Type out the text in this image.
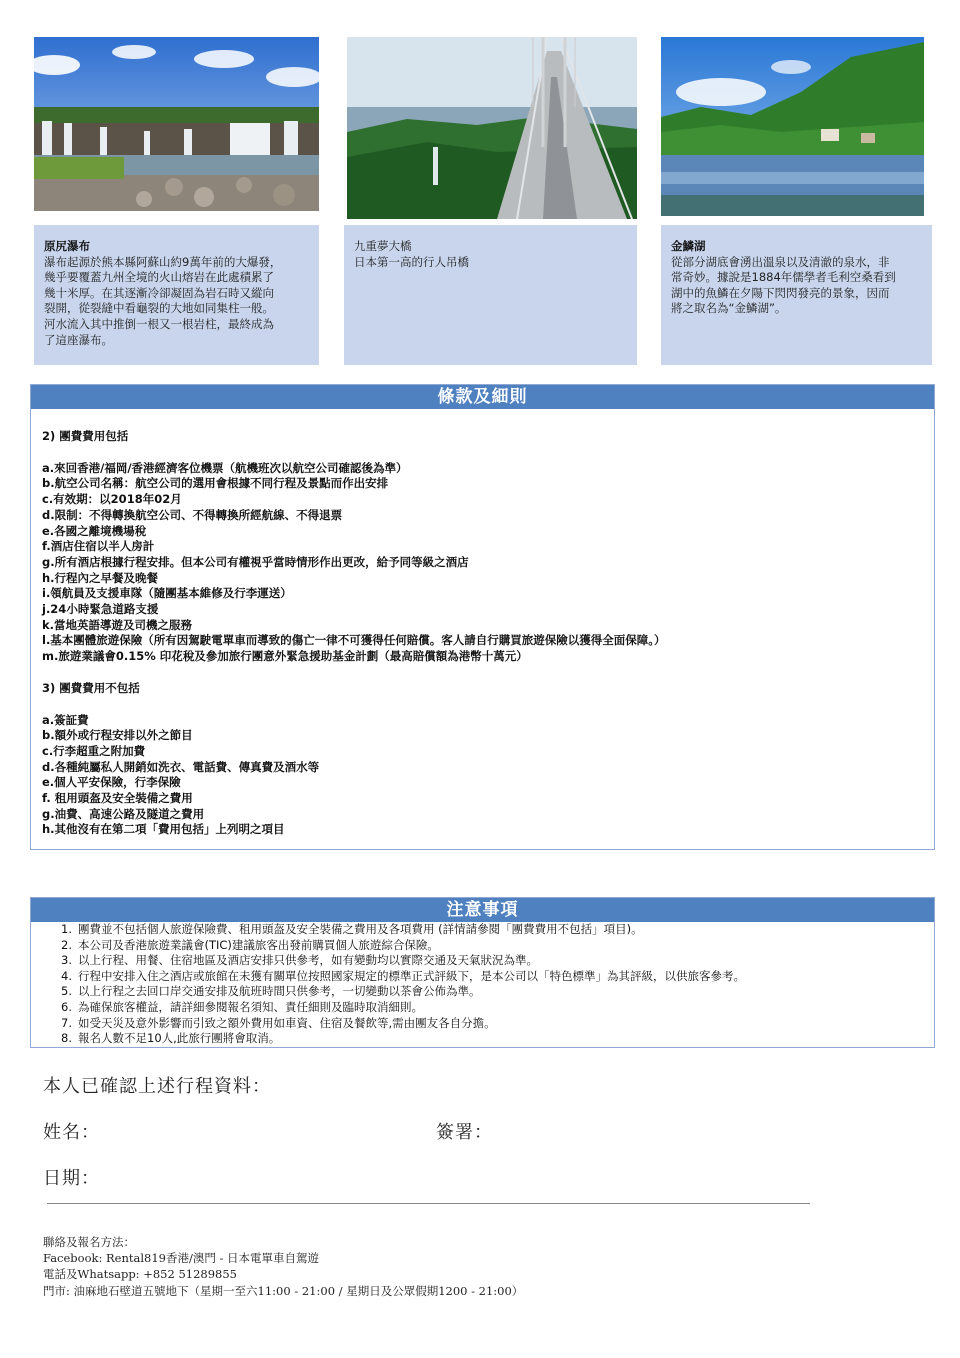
原尻瀑布
瀑布起源於熊本縣阿蘇山約9萬年前的大爆發，
幾乎要覆蓋九州全境的火山熔岩在此處積累了
幾十米厚。在其逐漸冷卻凝固為岩石時又縱向
裂開，從裂縫中看龜裂的大地如同集柱一般。
河水流入其中推倒一根又一根岩柱，最終成為
了這座瀑布。
九重夢大橋
日本第一高的行人吊橋
金鱗湖
從部分湖底會湧出溫泉以及清澈的泉水，非
常奇妙。據說是1884年儒學者毛利空桑看到
湖中的魚鱗在夕陽下閃閃發亮的景象，因而
將之取名為“金鱗湖”。
條款及細則
2) 團費費用包括
a.來回香港/福岡/香港經濟客位機票（航機班次以航空公司確認後為準）
b.航空公司名稱：航空公司的選用會根據不同行程及景點而作出安排
c.有效期：以2018年02月
d.限制：不得轉換航空公司、不得轉換所經航線、不得退票
e.各國之離境機場稅
f.酒店住宿以半人房計
g.所有酒店根據行程安排。但本公司有權視乎當時情形作出更改，給予同等級之酒店
h.行程內之早餐及晚餐
i.領航員及支援車隊（隨團基本維修及行李運送）
j.24小時緊急道路支援
k.當地英語導遊及司機之服務
l.基本團體旅遊保險（所有因駕駛電單車而導致的傷亡一律不可獲得任何賠償。客人請自行購買旅遊保險以獲得全面保障。）
m.旅遊業議會0.15% 印花稅及參加旅行團意外緊急援助基金計劃（最高賠償額為港幣十萬元）
3) 團費費用不包括
a.簽証費
b.額外或行程安排以外之節目
c.行李超重之附加費
d.各種純屬私人開銷如洗衣、電話費、傳真費及酒水等
e.個人平安保險，行李保險
f. 租用頭盔及安全裝備之費用
g.油費、高速公路及隧道之費用
h.其他沒有在第二項「費用包括」上列明之項目
注意事項
1. 團費並不包括個人旅遊保險費、租用頭盔及安全裝備之費用及各項費用 (詳情請參閱「團費費用不包括」項目)。
2. 本公司及香港旅遊業議會(TIC)建議旅客出發前購買個人旅遊綜合保險。
3. 以上行程、用餐、住宿地區及酒店安排只供參考，如有變動均以實際交通及天氣狀況為準。
4. 行程中安排入住之酒店或旅館在未獲有關單位按照國家規定的標準正式評級下，是本公司以「特色標準」為其評級，以供旅客參考。
5. 以上行程之去回口岸交通安排及航班時間只供參考，一切變動以茶會公佈為準。
6. 為確保旅客權益，請詳細參閱報名須知、責任細則及臨時取消細則。
7. 如受天災及意外影響而引致之額外費用如車資、住宿及餐飲等,需由團友各自分擔。
8. 報名人數不足10人,此旅行團將會取消。
本人已確認上述行程資料：
姓名：	簽署：
日期：
聯絡及報名方法：
Facebook: Rental819香港/澳門 - 日本電單車自駕遊
電話及Whatsapp: +852 51289855
門市: 油麻地石壁道五號地下（星期一至六11:00 - 21:00 / 星期日及公眾假期1200 - 21:00）
